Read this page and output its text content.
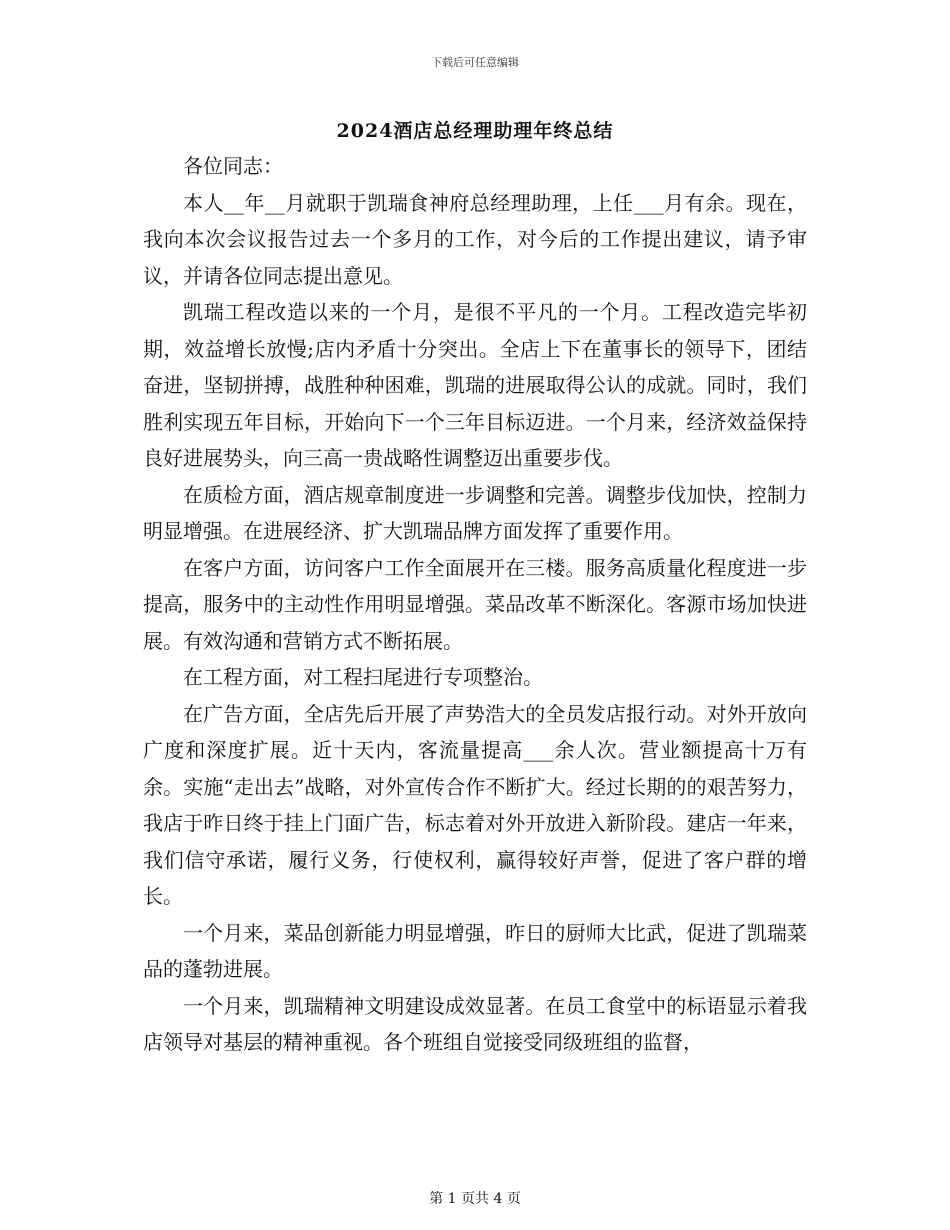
下载后可任意编辑
2024酒店总经理助理年终总结

各位同志：

本人__年__月就职于凯瑞食神府总经理助理，上任___月有余。现在，我向本次会议报告过去一个多月的工作，对今后的工作提出建议，请予审议，并请各位同志提出意见。

凯瑞工程改造以来的一个月，是很不平凡的一个月。工程改造完毕初期，效益增长放慢;店内矛盾十分突出。全店上下在董事长的领导下，团结奋进，坚韧拼搏，战胜种种困难，凯瑞的进展取得公认的成就。同时，我们胜利实现五年目标，开始向下一个三年目标迈进。一个月来，经济效益保持良好进展势头，向三高一贵战略性调整迈出重要步伐。

在质检方面，酒店规章制度进一步调整和完善。调整步伐加快，控制力明显增强。在进展经济、扩大凯瑞品牌方面发挥了重要作用。

在客户方面，访问客户工作全面展开在三楼。服务高质量化程度进一步提高，服务中的主动性作用明显增强。菜品改革不断深化。客源市场加快进展。有效沟通和营销方式不断拓展。

在工程方面，对工程扫尾进行专项整治。

在广告方面，全店先后开展了声势浩大的全员发店报行动。对外开放向广度和深度扩展。近十天内，客流量提高___余人次。营业额提高十万有余。实施“走出去”战略，对外宣传合作不断扩大。经过长期的的艰苦努力，我店于昨日终于挂上门面广告，标志着对外开放进入新阶段。建店一年来，我们信守承诺，履行义务，行使权利，赢得较好声誉，促进了客户群的增长。

一个月来，菜品创新能力明显增强，昨日的厨师大比武，促进了凯瑞菜品的蓬勃进展。

一个月来，凯瑞精神文明建设成效显著。在员工食堂中的标语显示着我店领导对基层的精神重视。各个班组自觉接受同级班组的监督，

第 1 页共 4 页
